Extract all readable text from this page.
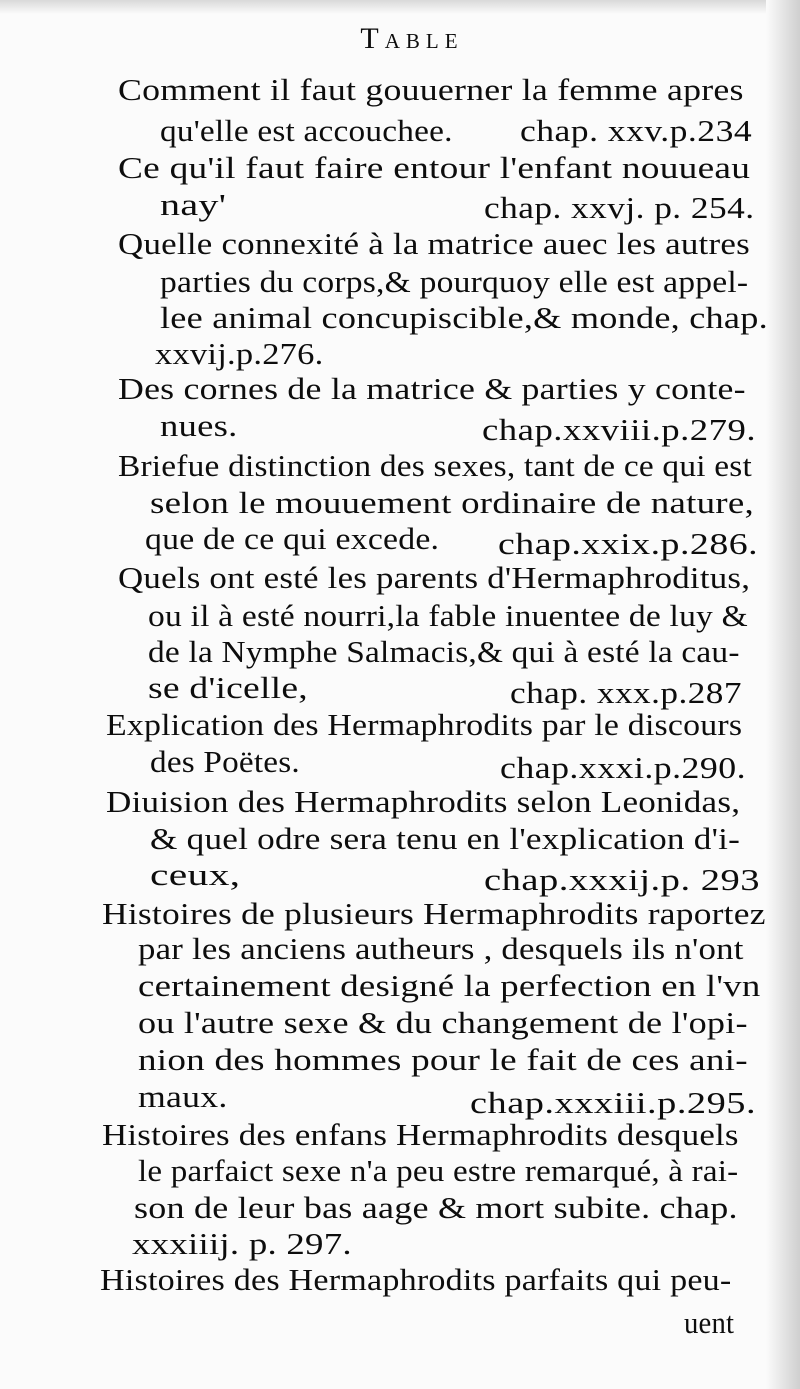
Table
Comment il faut gouuerner la femme apres
qu'elle est accouchee. chap. xxv.p.234
Ce qu'il faut faire entour l'enfant nouueau
nay'	chap. xxvj. p. 254.
Quelle connexité à la matrice auec les autres
parties du corps,& pourquoy elle est appel-
lee animal concupiscible,& monde, chap.
xxvij.p.276.
Des cornes de la matrice & parties y conte-
nues.	chap.xxviii.p.279.
Briefue distinction des sexes, tant de ce qui est
selon le mouuement ordinaire de nature,
que de ce qui excede. chap.xxix.p.286.
Quels ont esté les parents d'Hermaphroditus,
ou il à esté nourri,la fable inuentee de luy &
de la Nymphe Salmacis,& qui à esté la cau-
se d'icelle,	chap. xxx.p.287
Explication des Hermaphrodits par le discours
des Poëtes.	chap.xxxi.p.290.
Diuision des Hermaphrodits selon Leonidas,
& quel odre sera tenu en l'explication d'i-
ceux,	chap.xxxij.p. 293
Histoires de plusieurs Hermaphrodits raportez
par les anciens autheurs , desquels ils n'ont
certainement designé la perfection en l'vn
ou l'autre sexe & du changement de l'opi-
nion des hommes pour le fait de ces ani-
maux.	chap.xxxiii.p.295.
Histoires des enfans Hermaphrodits desquels
le parfaict sexe n'a peu estre remarqué, à rai-
son de leur bas aage & mort subite. chap.
xxxiiij. p. 297.
Histoires des Hermaphrodits parfaits qui peu-
uent
